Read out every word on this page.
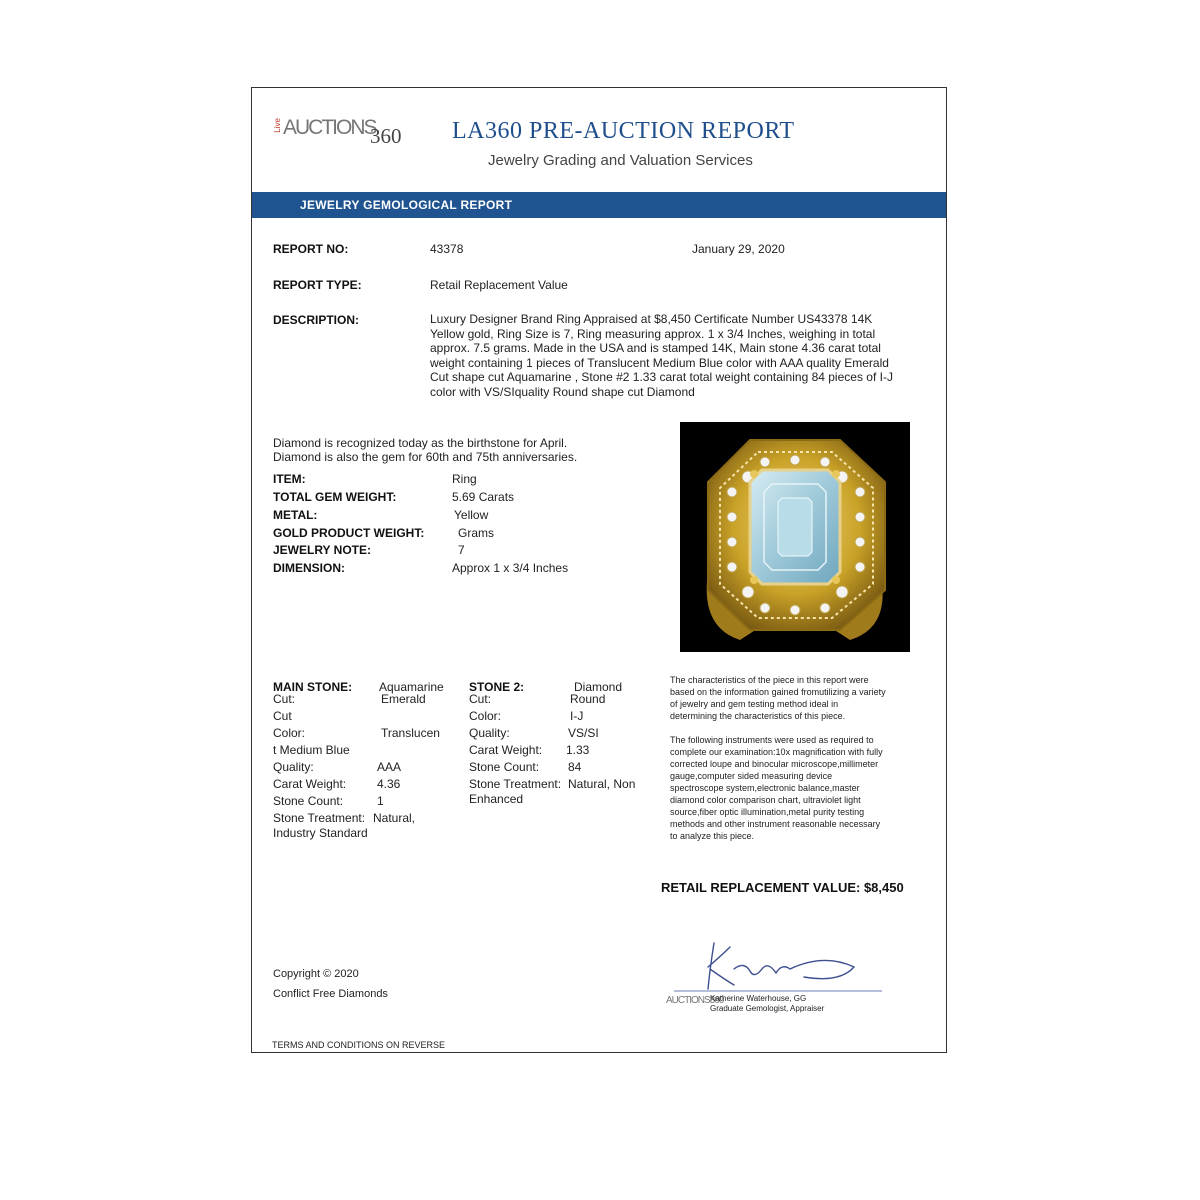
Live AUCTIONS
360 LA360 PRE-AUCTION REPORT
Jewelry Grading and Valuation Services
JEWELRY GEMOLOGICAL REPORT
REPORT NO:	43378	January 29, 2020
REPORT TYPE:	Retail Replacement Value
DESCRIPTION:	Luxury Designer Brand Ring Appraised at $8,450 Certificate Number US43378 14K
Yellow gold, Ring Size is 7, Ring measuring approx. 1 x 3/4 Inches, weighing in total
approx. 7.5 grams. Made in the USA and is stamped 14K, Main stone 4.36 carat total
weight containing 1 pieces of Translucent Medium Blue color with AAA quality Emerald
Cut shape cut Aquamarine , Stone #2 1.33 carat total weight containing 84 pieces of I-J
color with VS/SIquality Round shape cut Diamond
Diamond is recognized today as the birthstone for April.
Diamond is also the gem for 60th and 75th anniversaries.
ITEM:	Ring
TOTAL GEM WEIGHT:	5.69 Carats
METAL:	Yellow
GOLD PRODUCT WEIGHT:	Grams
JEWELRY NOTE:	7
DIMENSION:	Approx 1 x 3/4 Inches
MAIN STONE: Aquamarine
Cut:	Emerald
Cut
Color:	Translucen
t Medium Blue
Quality:	AAA
Carat Weight:	4.36
Stone Count:	1
Stone Treatment: Natural,
Industry Standard
STONE 2:	Diamond
Cut:	Round
Color:	I-J
Quality:	VS/SI
Carat Weight: 1.33
Stone Count: 84
Stone Treatment: Natural, Non
Enhanced
The characteristics of the piece in this report were
based on the information gained fromutilizing a variety
of jewelry and gem testing method ideal in
determining the characteristics of this piece.
The following instruments were used as required to
complete our examination:10x magnification with fully
corrected loupe and binocular microscope,millimeter
gauge,computer sided measuring device
spectroscope system,electronic balance,master
diamond color comparison chart, ultraviolet light
source,fiber optic illumination,metal purity testing
methods and other instrument reasonable necessary
to analyze this piece.
RETAIL REPLACEMENT VALUE: $8,450
Copyright © 2020
Conflict Free Diamonds
TERMS AND CONDITIONS ON REVERSE
AUCTIONS360
Katherine Waterhouse, GG
Graduate Gemologist, Appraiser
